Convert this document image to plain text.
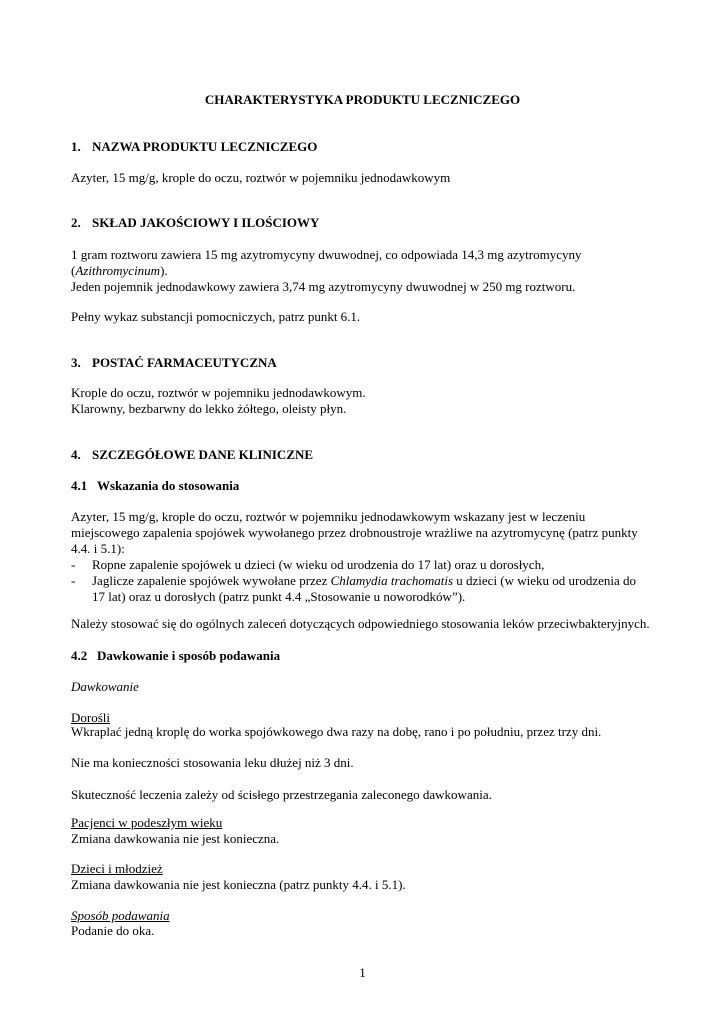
CHARAKTERYSTYKA PRODUKTU LECZNICZEGO
1. NAZWA PRODUKTU LECZNICZEGO
Azyter, 15 mg/g, krople do oczu, roztwór w pojemniku jednodawkowym
2. SKŁAD JAKOŚCIOWY I ILOŚCIOWY
1 gram roztworu zawiera 15 mg azytromycyny dwuwodnej, co odpowiada 14,3 mg azytromycyny
(Azithromycinum).
Jeden pojemnik jednodawkowy zawiera 3,74 mg azytromycyny dwuwodnej w 250 mg roztworu.
Pełny wykaz substancji pomocniczych, patrz punkt 6.1.
3. POSTAĆ FARMACEUTYCZNA
Krople do oczu, roztwór w pojemniku jednodawkowym.
Klarowny, bezbarwny do lekko żółtego, oleisty płyn.
4. SZCZEGÓŁOWE DANE KLINICZNE
4.1 Wskazania do stosowania
Azyter, 15 mg/g, krople do oczu, roztwór w pojemniku jednodawkowym wskazany jest w leczeniu
miejscowego zapalenia spojówek wywołanego przez drobnoustroje wrażliwe na azytromycynę (patrz punkty
4.4. i 5.1):
- Ropne zapalenie spojówek u dzieci (w wieku od urodzenia do 17 lat) oraz u dorosłych,
- Jaglicze zapalenie spojówek wywołane przez Chlamydia trachomatis u dzieci (w wieku od urodzenia do
17 lat) oraz u dorosłych (patrz punkt 4.4 „Stosowanie u noworodków”).
Należy stosować się do ogólnych zaleceń dotyczących odpowiedniego stosowania leków przeciwbakteryjnych.
4.2 Dawkowanie i sposób podawania
Dawkowanie
Dorośli
Wkraplać jedną kroplę do worka spojówkowego dwa razy na dobę, rano i po południu, przez trzy dni.
Nie ma konieczności stosowania leku dłużej niż 3 dni.
Skuteczność leczenia zależy od ścisłego przestrzegania zaleconego dawkowania.
Pacjenci w podeszłym wieku
Zmiana dawkowania nie jest konieczna.
Dzieci i młodzież
Zmiana dawkowania nie jest konieczna (patrz punkty 4.4. i 5.1).
Sposób podawania
Podanie do oka.
1
